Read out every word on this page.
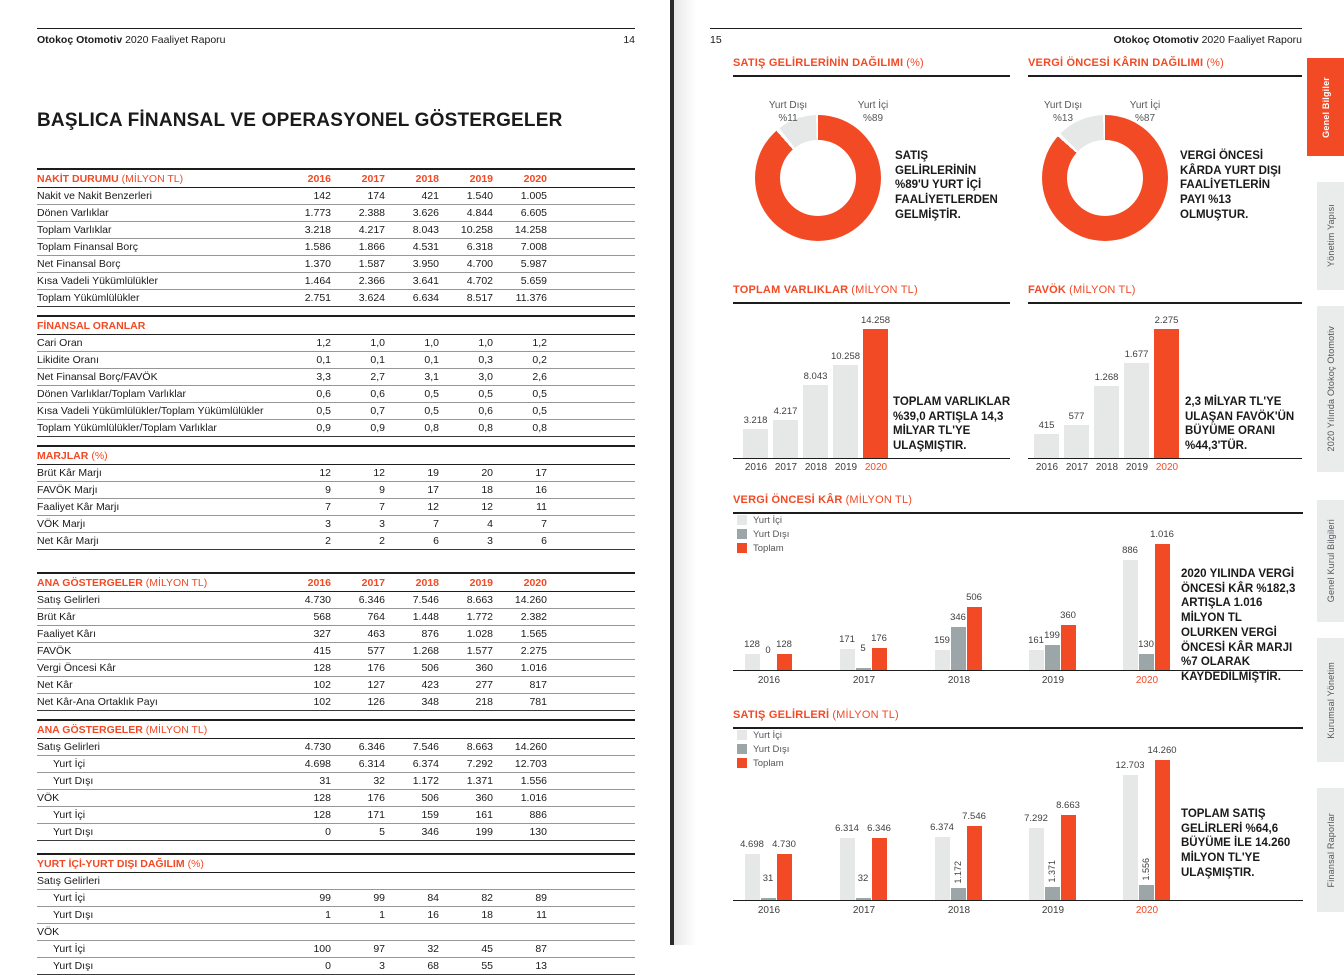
Otokoç Otomotiv 2020 Faaliyet Raporu	14
BAŞLICA FİNANSAL VE OPERASYONEL GÖSTERGELER
NAKİT DURUMU (MİLYON TL)	2016	2017	2018	2019	2020	
Nakit ve Nakit Benzerleri	142	174	421	1.540	1.005	
Dönen Varlıklar	1.773	2.388	3.626	4.844	6.605	
Toplam Varlıklar	3.218	4.217	8.043	10.258	14.258	
Toplam Finansal Borç	1.586	1.866	4.531	6.318	7.008	
Net Finansal Borç	1.370	1.587	3.950	4.700	5.987	
Kısa Vadeli Yükümlülükler	1.464	2.366	3.641	4.702	5.659	
Toplam Yükümlülükler	2.751	3.624	6.634	8.517	11.376	
FİNANSAL ORANLAR						
Cari Oran	1,2	1,0	1,0	1,0	1,2	
Likidite Oranı	0,1	0,1	0,1	0,3	0,2	
Net Finansal Borç/FAVÖK	3,3	2,7	3,1	3,0	2,6	
Dönen Varlıklar/Toplam Varlıklar	0,6	0,6	0,5	0,5	0,5	
Kısa Vadeli Yükümlülükler/Toplam Yükümlülükler	0,5	0,7	0,5	0,6	0,5	
Toplam Yükümlülükler/Toplam Varlıklar	0,9	0,9	0,8	0,8	0,8	
MARJLAR (%)						
Brüt Kâr Marjı	12	12	19	20	17	
FAVÖK Marjı	9	9	17	18	16	
Faaliyet Kâr Marjı	7	7	12	12	11	
VÖK Marjı	3	3	7	4	7	
Net Kâr Marjı	2	2	6	3	6	
ANA GÖSTERGELER (MİLYON TL)	2016	2017	2018	2019	2020	
Satış Gelirleri	4.730	6.346	7.546	8.663	14.260	
Brüt Kâr	568	764	1.448	1.772	2.382	
Faaliyet Kârı	327	463	876	1.028	1.565	
FAVÖK	415	577	1.268	1.577	2.275	
Vergi Öncesi Kâr	128	176	506	360	1.016	
Net Kâr	102	127	423	277	817	
Net Kâr-Ana Ortaklık Payı	102	126	348	218	781	
ANA GÖSTERGELER (MİLYON TL)						
Satış Gelirleri	4.730	6.346	7.546	8.663	14.260	
Yurt İçi	4.698	6.314	6.374	7.292	12.703	
Yurt Dışı	31	32	1.172	1.371	1.556	
VÖK	128	176	506	360	1.016	
Yurt İçi	128	171	159	161	886	
Yurt Dışı	0	5	346	199	130	
YURT İÇİ-YURT DIŞI DAĞILIM (%)						
Satış Gelirleri						
Yurt İçi	99	99	84	82	89	
Yurt Dışı	1	1	16	18	11	
VÖK						
Yurt İçi	100	97	32	45	87	
Yurt Dışı	0	3	68	55	13	
15	Otokoç Otomotiv 2020 Faaliyet Raporu
SATIŞ GELİRLERİNİN DAĞILIMI (%)
Yurt Dışı
%11
Yurt İçi
%89
SATIŞ GELİRLERİNİN %89'U YURT İÇİ FAALİYETLERDEN GELMİŞTİR.
VERGİ ÖNCESİ KÂRIN DAĞILIMI (%)
Yurt Dışı
%13
Yurt İçi
%87
VERGİ ÖNCESİ KÂRDA YURT DIŞI FAALİYETLERİN PAYI %13 OLMUŞTUR.
TOPLAM VARLIKLAR (MİLYON TL)
3.218
4.217
8.043
10.258
14.258
2016 2017 2018 2019 2020
TOPLAM VARLIKLAR %39,0 ARTIŞLA 14,3 MİLYAR TL'YE ULAŞMIŞTIR.
FAVÖK (MİLYON TL)
415
577
1.268
1.677
2.275
2016 2017 2018 2019 2020
2,3 MİLYAR TL'YE ULAŞAN FAVÖK'ÜN BÜYÜME ORANI %44,3'TÜR.
VERGİ ÖNCESİ KÂR (MİLYON TL)
Yurt İçi
Yurt Dışı
Toplam
128
0
128	171
5
176	159
346
506
161 199
360
886
130
1.016
2016	2017	2018	2019	2020
2020 YILINDA VERGİ ÖNCESİ KÂR %182,3 ARTIŞLA 1.016 MİLYON TL OLURKEN VERGİ ÖNCESİ KÂR MARJI %7 OLARAK KAYDEDİLMİŞTİR.
SATIŞ GELİRLERİ (MİLYON TL)
Yurt İçi
Yurt Dışı
Toplam
4.698
31
4.730
6.314
32
6.346	6.374
1.172
7.546	7.292
1.371
8.663
12.703
1.556
14.260
2016	2017	2018	2019	2020
TOPLAM SATIŞ GELİRLERİ %64,6 BÜYÜME İLE 14.260 MİLYON TL'YE ULAŞMIŞTIR.
Genel Bilgiler
Yönetim Yapısı
2020 Yılında Otokoç Otomotiv
Genel Kurul Bilgileri
Kurumsal Yönetim
Finansal Raporlar
